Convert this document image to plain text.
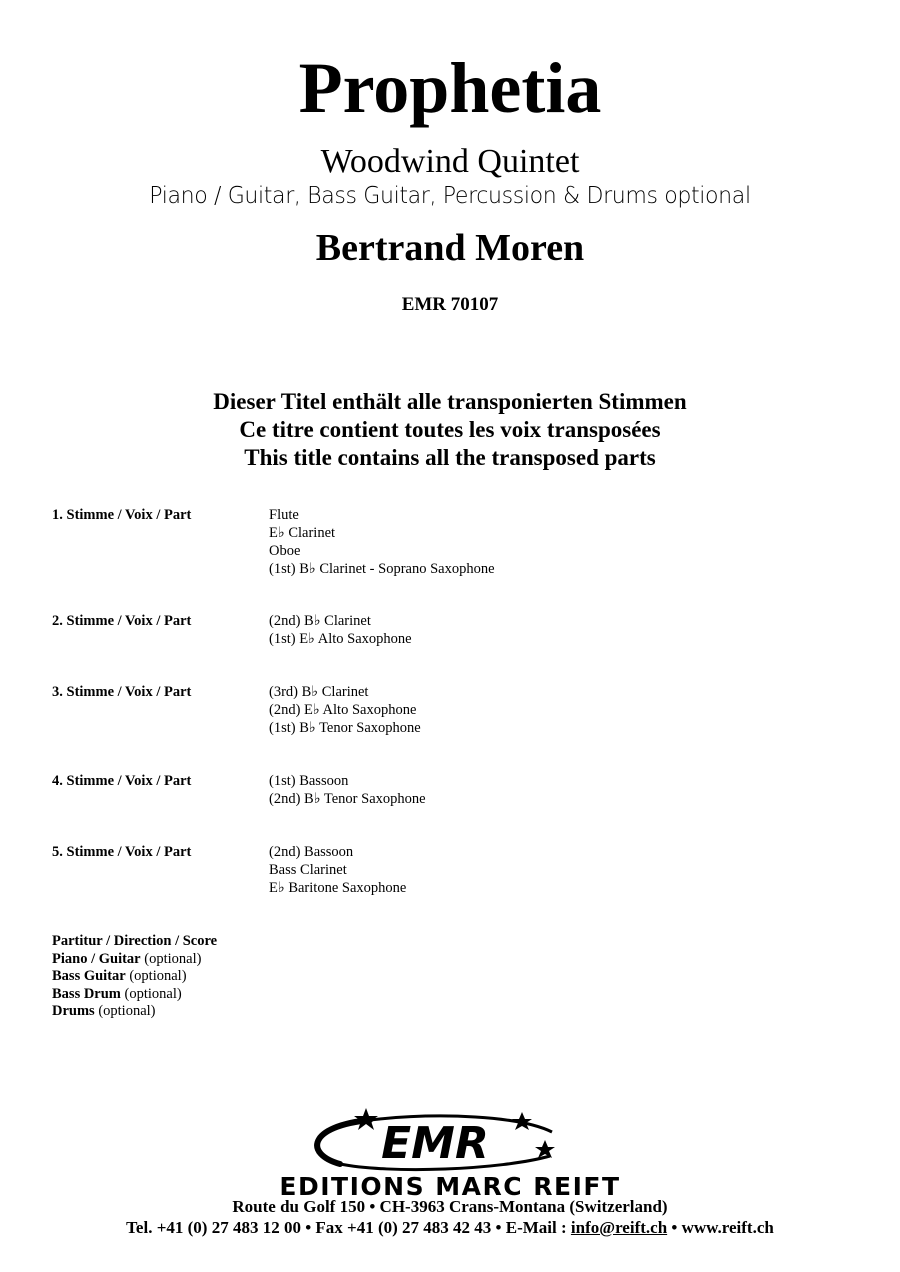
Prophetia
Woodwind Quintet
Piano / Guitar, Bass Guitar, Percussion & Drums optional
Bertrand Moren
EMR 70107
Dieser Titel enthält alle transponierten Stimmen
Ce titre contient toutes les voix transposées
This title contains all the transposed parts
1. Stimme / Voix / Part	Flute
E♭ Clarinet
Oboe
(1st) B♭ Clarinet - Soprano Saxophone
2. Stimme / Voix / Part	(2nd) B♭ Clarinet
(1st) E♭ Alto Saxophone
3. Stimme / Voix / Part	(3rd) B♭ Clarinet
(2nd) E♭ Alto Saxophone
(1st) B♭ Tenor Saxophone
4. Stimme / Voix / Part	(1st) Bassoon
(2nd) B♭ Tenor Saxophone
5. Stimme / Voix / Part	(2nd) Bassoon
Bass Clarinet
E♭ Baritone Saxophone
Partitur / Direction / Score
Piano / Guitar (optional)
Bass Guitar (optional)
Bass Drum (optional)
Drums (optional)
EMR
EDITIONS MARC REIFT
Route du Golf 150 • CH-3963 Crans-Montana (Switzerland)
Tel. +41 (0) 27 483 12 00 • Fax +41 (0) 27 483 42 43 • E-Mail : info@reift.ch • www.reift.ch
